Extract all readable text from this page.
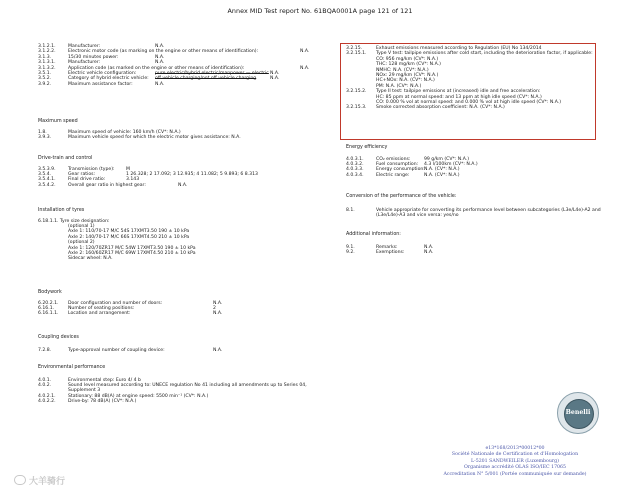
Annex MID Test report No. 61BQA0001A page 121 of 121
3.1.2.1.	Manufacturer:	N.A.
3.1.2.2.	Electronic motor code (as marking on the engine or other means of identification):	N.A.
3.1.3.	15/30 minutes power:	N.A.
3.1.3.1.	Manufacturer:	N.A.
3.1.3.2.	Application code (as marked on the engine or other means of identification):	N.A.
3.5.1.	Electric vehicle configuration:	pure electric/hybrid electric/manpower — electric N.A.
3.5.2.	Category of hybrid electric vehicle: off vehicle charging/not off vehicle charging	N.A.
3.9.2.	Maximum assistance factor:	N.A.
Maximum speed
1.8.	Maximum speed of vehicle: 160 km/h (CV*: N.A.)
3.9.3.	Maximum vehicle speed for which the electric motor gives assistance: N.A.
Drive-train and control
3.5.3.9.	Transmission (type): M
3.5.4.	Gear ratios:	1 26.328; 2 17.092; 3 12.935; 4 11.082; 5 9.893; 6 8.313
3.5.4.1.	Final drive ratio:	3.143
3.5.4.2.	Overall gear ratio in highest gear:	N.A.
Installation of tyres
6.18.1.1. Tyre size designation:
(optional 1)
Axle 1: 110/70-17 M/C 54S 17XMT3.50 190 ± 10 kPa
Axle 2: 140/70-17 M/C 66S 17XMT4.50 210 ± 10 kPa
(optional 2)
Axle 1: 120/70ZR17 M/C 54W 17XMT3.50 190 ± 10 kPa
Axle 2: 160/60ZR17 M/C 69W 17XMT4.50 210 ± 10 kPa
Sidecar wheel: N.A.
Bodywork
6.20.2.1. Door configuration and number of doors:	N.A.
6.16.1.	Number of seating positions:	2
6.16.1.1. Location and arrangement:	N.A.
Coupling devices
7.2.8.	Type-approval number of coupling device:	N.A.
Environmental performance
4.0.1.	Environmental step: Euro 4/ 4 b
4.0.2.	Sound level measured according to: UNECE regulation No 41 including all amendments up to Series 04,
Supplement 3
4.0.2.1.	Stationary: 88 dB(A) at engine speed: 5500 min⁻¹ (CV*: N.A.)
4.0.2.2.	Drive-by: 78 dB(A) (CV*: N.A.)
3.2.15.	Exhaust emissions measured according to Regulation (EU) No 134/2014
3.2.15.1. Type V test: tailpipe emissions after cold start, including the deterioration factor, if applicable:
CO: 956 mg/km (CV*: N.A.)
THC: 128 mg/km (CV*: N.A.)
NMHC: N.A. (CV*: N.A.)
NOx: 29 mg/km (CV*: N.A.)
HC+NOx: N.A. (CV*: N.A.)
PM: N.A. (CV*: N.A.)
3.2.15.2. Type II test: tailpipe emissions at (increased) idle and free acceleration:
HC: 85 ppm at normal speed: and 13 ppm at high idle speed (CV*: N.A.)
CO: 0.000 % vol at normal speed: and 0.000 % vol at high idle speed (CV*: N.A.)
3.2.15.3. Smoke corrected absorption coefficient: N.A. (CV*: N.A.)
Energy efficiency
4.0.3.1.	CO₂ emissions:	99 g/km (CV*: N.A.)
4.0.3.2.	Fuel consumption: 4.3 l/100km (CV*: N.A.)
4.0.3.3.	Energy consumption: N.A. (CV*: N.A.)
4.0.3.4.	Electric range:	N.A. (CV*: N.A.)
Conversion of the performance of the vehicle:
8.1.	Vehicle appropriate for converting its performance level between subcategories (L3e/L4e)-A2 and
(L3e/L4e)-A3 and vice versa: yes/no
Additional information:
9.1.	Remarks:	N.A.
9.2.	Exemptions:	N.A.
Benelli
e13*168/2013*00012*00
Société Nationale de Certification et d'Homologation
L-5201 SANDWEILER (Luxembourg)
Organisme accrédité OLAS ISO/IEC 17065
Accreditation N° 5/001 (Portée communiquée sur demande)
大羊骑行
